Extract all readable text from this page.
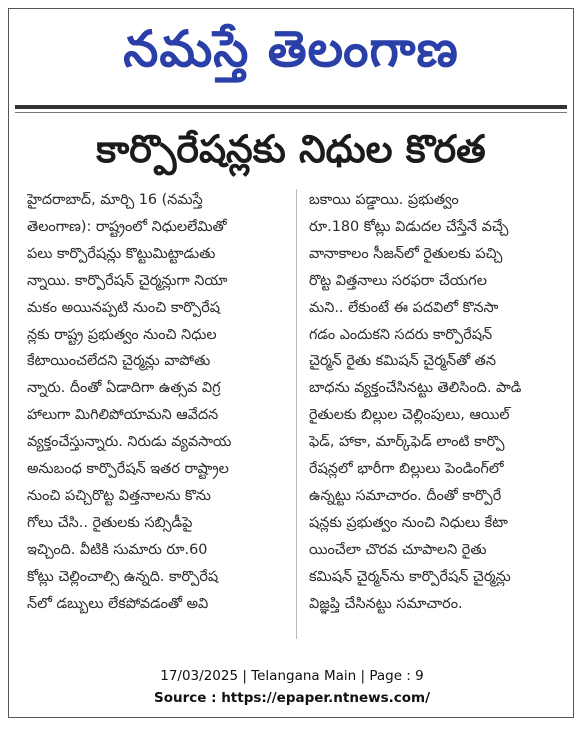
నమస్తే తెలంగాణ
కార్పొరేషన్లకు నిధుల కొరత
హైదరాబాద్, మార్చి 16 (నమస్తే
తెలంగాణ): రాష్ట్రంలో నిధులలేమితో
పలు కార్పొరేషన్లు కొట్టుమిట్టాడుతు
న్నాయి. కార్పొరేషన్ చైర్మన్లుగా నియా
మకం అయినప్పటి నుంచి కార్పొరేష
న్లకు రాష్ట్ర ప్రభుత్వం నుంచి నిధుల
కేటాయించలేదని చైర్మన్లు వాపోతు
న్నారు. దీంతో ఏడాదిగా ఉత్సవ విగ్ర
హాలుగా మిగిలిపోయామని ఆవేదన
వ్యక్తంచేస్తున్నారు. నిరుడు వ్యవసాయ
అనుబంధ కార్పొరేషన్ ఇతర రాష్ట్రాల
నుంచి పచ్చిరొట్ట విత్తనాలను కొను
గోలు చేసి.. రైతులకు సబ్సిడీపై
ఇచ్చింది. వీటికి సుమారు రూ.60
కోట్లు చెల్లించాల్సి ఉన్నది. కార్పొరేష
న్‌లో డబ్బులు లేకపోవడంతో అవి
బకాయి పడ్డాయి. ప్రభుత్వం
రూ.180 కోట్లు విడుదల చేస్తేనే వచ్చే
వానాకాలం సీజన్‌లో రైతులకు పచ్చి
రొట్ట విత్తనాలు సరఫరా చేయగల
మని.. లేకుంటే ఈ పదవిలో కొనసా
గడం ఎందుకని సదరు కార్పొరేషన్
చైర్మన్ రైతు కమిషన్ చైర్మన్‌తో తన
బాధను వ్యక్తంచేసినట్టు తెలిసింది. పాడి
రైతులకు బిల్లుల చెల్లింపులు, ఆయిల్
ఫెడ్, హాకా, మార్క్‌ఫెడ్ లాంటి కార్పొ
రేషన్లలో భారీగా బిల్లులు పెండింగ్‌లో
ఉన్నట్టు సమాచారం. దీంతో కార్పొరే
షన్లకు ప్రభుత్వం నుంచి నిధులు కేటా
యించేలా చొరవ చూపాలని రైతు
కమిషన్ చైర్మన్‌ను కార్పొరేషన్ చైర్మన్లు
విజ్ఞప్తి చేసినట్టు సమాచారం.
17/03/2025 | Telangana Main | Page : 9
Source : https://epaper.ntnews.com/
